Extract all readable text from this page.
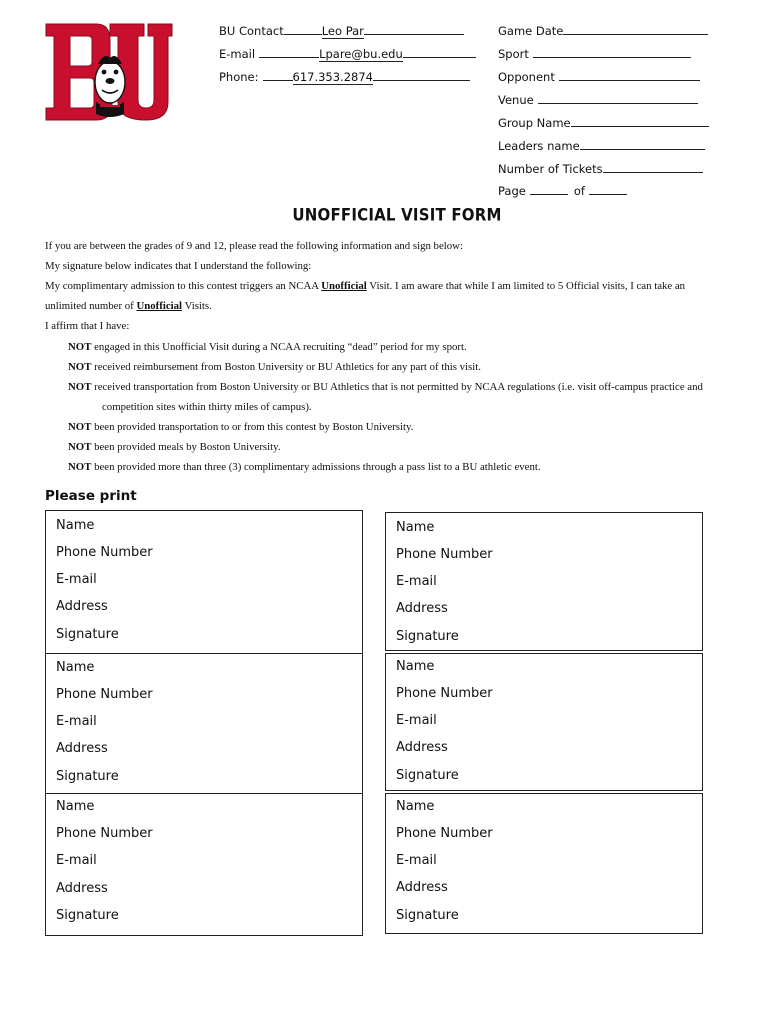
BU Contact	Leo Par
E-mail	Lpare@bu.edu
Phone:	617.353.2874
Game Date
Sport
Opponent
Venue
Group Name
Leaders name
Number of Tickets
Page	of
UNOFFICIAL VISIT FORM
If you are between the grades of 9 and 12, please read the following information and sign below:
My signature below indicates that I understand the following:
My complimentary admission to this contest triggers an NCAA Unofficial Visit. I am aware that while I am limited to 5 Official visits, I can take an
unlimited number of Unofficial Visits.
I affirm that I have:
NOT engaged in this Unofficial Visit during a NCAA recruiting “dead” period for my sport.
NOT received reimbursement from Boston University or BU Athletics for any part of this visit.
NOT received transportation from Boston University or BU Athletics that is not permitted by NCAA regulations (i.e. visit off-campus practice and
competition sites within thirty miles of campus).
NOT been provided transportation to or from this contest by Boston University.
NOT been provided meals by Boston University.
NOT been provided more than three (3) complimentary admissions through a pass list to a BU athletic event.
Please print
Name
Phone Number
E-mail
Address
Signature
Name
Phone Number
E-mail
Address
Signature
Name
Phone Number
E-mail
Address
Signature
Name
Phone Number
E-mail
Address
Signature
Name
Phone Number
E-mail
Address
Signature
Name
Phone Number
E-mail
Address
Signature
